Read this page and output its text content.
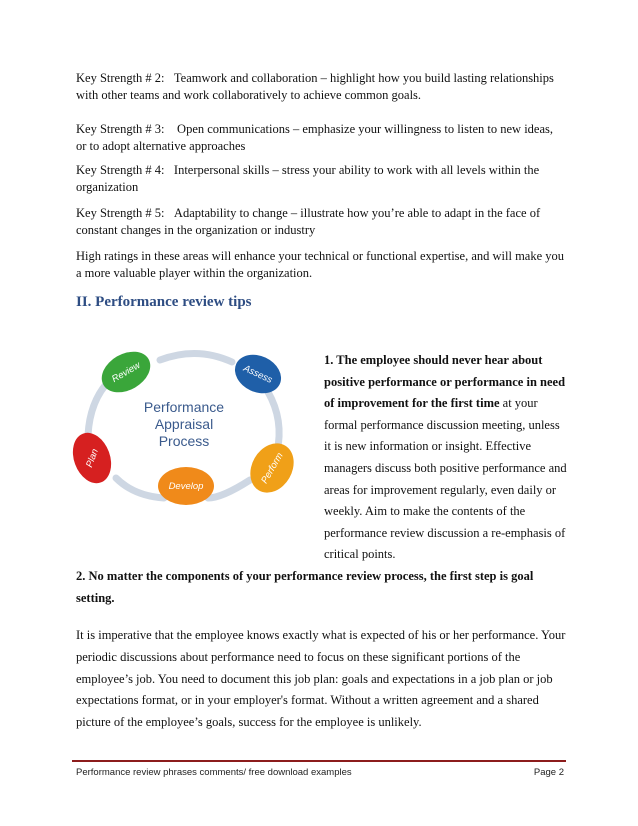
Key Strength # 2: Teamwork and collaboration – highlight how you build lasting relationships with other teams and work collaboratively to achieve common goals.

Key Strength # 3: Open communications – emphasize your willingness to listen to new ideas, or to adopt alternative approaches

Key Strength # 4: Interpersonal skills – stress your ability to work with all levels within the organization

Key Strength # 5: Adaptability to change – illustrate how you’re able to adapt in the face of constant changes in the organization or industry

High ratings in these areas will enhance your technical or functional expertise, and will make you a more valuable player within the organization.

II. Performance review tips
Review	Assess
Perform
Develop
Plan
Performance
Appraisal
Process

1. The employee should never hear about positive performance or performance in need of improvement for the first time at your formal performance discussion meeting, unless it is new information or insight. Effective managers discuss both positive performance and areas for improvement regularly, even daily or weekly. Aim to make the contents of the performance review discussion a re-emphasis of critical points.

2. No matter the components of your performance review process, the first step is goal setting.

It is imperative that the employee knows exactly what is expected of his or her performance. Your periodic discussions about performance need to focus on these significant portions of the employee’s job. You need to document this job plan: goals and expectations in a job plan or job expectations format, or in your employer's format. Without a written agreement and a shared picture of the employee’s goals, success for the employee is unlikely.

Performance review phrases comments/ free download examples	Page 2
